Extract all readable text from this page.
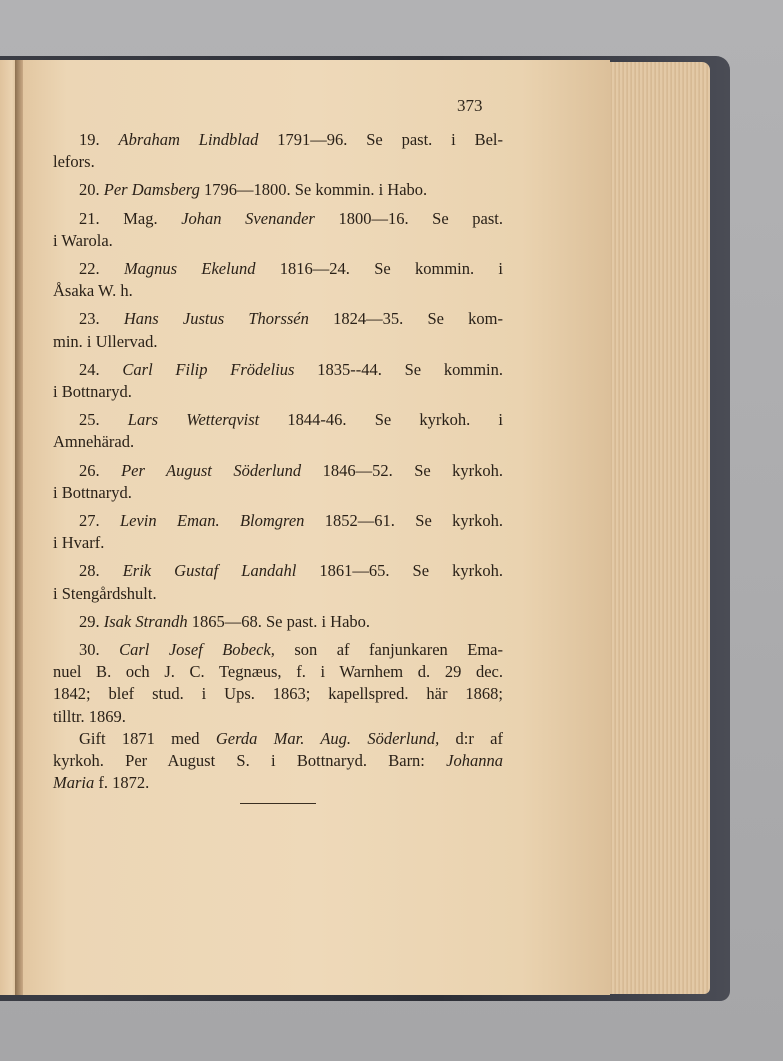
373

19. Abraham Lindblad 1791—96. Se past. i Bel-
lefors.

20. Per Damsberg 1796—1800. Se kommin. i Habo.

21. Mag. Johan Svenander 1800—16. Se past.
i Warola.

22. Magnus Ekelund 1816—24. Se kommin. i
Åsaka W. h.

23. Hans Justus Thorssén 1824—35. Se kom-
min. i Ullervad.

24. Carl Filip Frödelius 1835--44. Se kommin.
i Bottnaryd.

25. Lars Wetterqvist 1844-46. Se kyrkoh. i
Amnehärad.

26. Per August Söderlund 1846—52. Se kyrkoh.
i Bottnaryd.

27. Levin Eman. Blomgren 1852—61. Se kyrkoh.
i Hvarf.

28. Erik Gustaf Landahl 1861—65. Se kyrkoh.
i Stengårdshult.

29. Isak Strandh 1865—68. Se past. i Habo.

30. Carl Josef Bobeck, son af fanjunkaren Ema-
nuel B. och J. C. Tegnæus, f. i Warnhem d. 29 dec.
1842; blef stud. i Ups. 1863; kapellspred. här 1868;
tilltr. 1869.

Gift 1871 med Gerda Mar. Aug. Söderlund, d:r af
kyrkoh. Per August S. i Bottnaryd. Barn: Johanna
Maria f. 1872.
